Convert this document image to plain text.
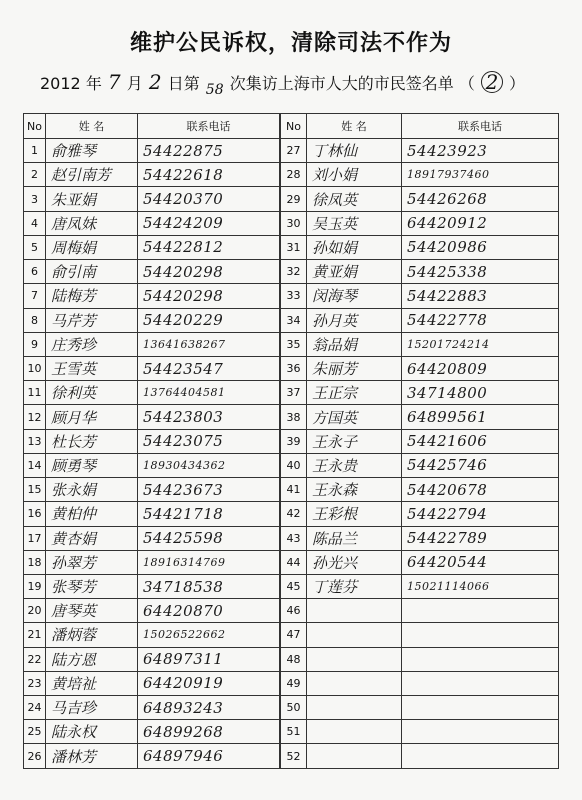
维护公民诉权，清除司法不作为
2012 年 7 月 2 日第 58 次集访上海市人大的市民签名单 （ 2 ）
No	姓 名	联系电话
1	俞雅琴	54422875
2	赵引南芳	54422618
3	朱亚娟	54420370
4	唐凤妹	54424209
5	周梅娟	54422812
6	俞引南	54420298
7	陆梅芳	54420298
8	马芹芳	54420229
9	庄秀珍	13641638267
10	王雪英	54423547
11	徐利英	13764404581
12	顾月华	54423803
13	杜长芳	54423075
14	顾勇琴	18930434362
15	张永娟	54423673
16	黄柏仲	54421718
17	黄杏娟	54425598
18	孙翠芳	18916314769
19	张琴芳	34718538
20	唐琴英	64420870
21	潘炳蓉	15026522662
22	陆方恩	64897311
23	黄培祉	64420919
24	马吉珍	64893243
25	陆永权	64899268
26	潘林芳	64897946
No	姓 名	联系电话
27	丁林仙	54423923
28	刘小娟	18917937460
29	徐凤英	54426268
30	吴玉英	64420912
31	孙如娟	54420986
32	黄亚娟	54425338
33	闵海琴	54422883
34	孙月英	54422778
35	翁品娟	15201724214
36	朱丽芳	64420809
37	王正宗	34714800
38	方国英	64899561
39	王永子	54421606
40	王永贵	54425746
41	王永森	54420678
42	王彩根	54422794
43	陈品兰	54422789
44	孙光兴	64420544
45	丁莲芬	15021114066
46		
47		
48		
49		
50		
51		
52		
